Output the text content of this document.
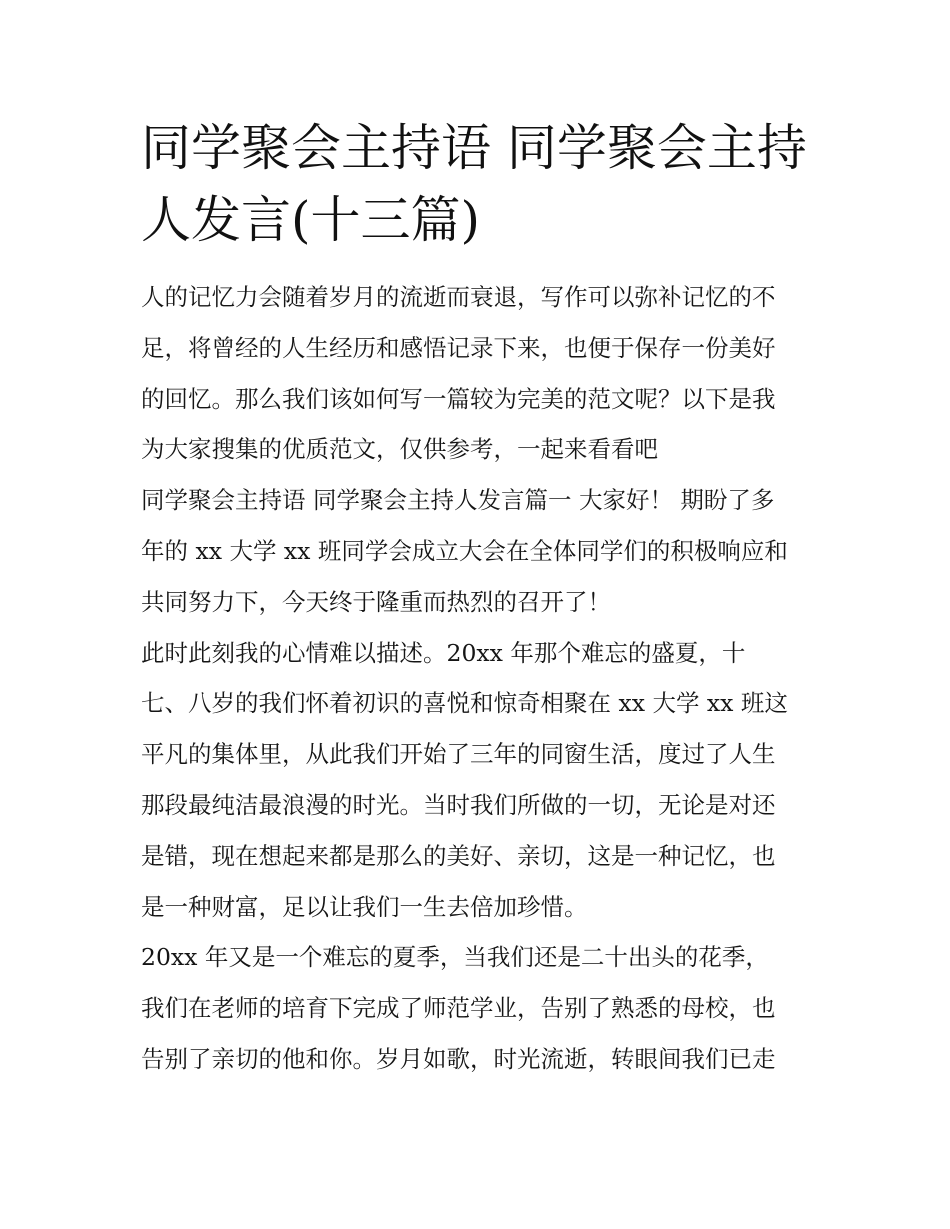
同学聚会主持语 同学聚会主持
人发言(十三篇)
人的记忆力会随着岁月的流逝而衰退，写作可以弥补记忆的不
足，将曾经的人生经历和感悟记录下来，也便于保存一份美好
的回忆。那么我们该如何写一篇较为完美的范文呢？以下是我
为大家搜集的优质范文，仅供参考，一起来看看吧
同学聚会主持语 同学聚会主持人发言篇一 大家好！ 期盼了多
年的 xx 大学 xx 班同学会成立大会在全体同学们的积极响应和
共同努力下，今天终于隆重而热烈的召开了！
此时此刻我的心情难以描述。20xx 年那个难忘的盛夏，十
七、八岁的我们怀着初识的喜悦和惊奇相聚在 xx 大学 xx 班这
平凡的集体里，从此我们开始了三年的同窗生活，度过了人生
那段最纯洁最浪漫的时光。当时我们所做的一切，无论是对还
是错，现在想起来都是那么的美好、亲切，这是一种记忆，也
是一种财富，足以让我们一生去倍加珍惜。
20xx 年又是一个难忘的夏季，当我们还是二十出头的花季，
我们在老师的培育下完成了师范学业，告别了熟悉的母校，也
告别了亲切的他和你。岁月如歌，时光流逝，转眼间我们已走
